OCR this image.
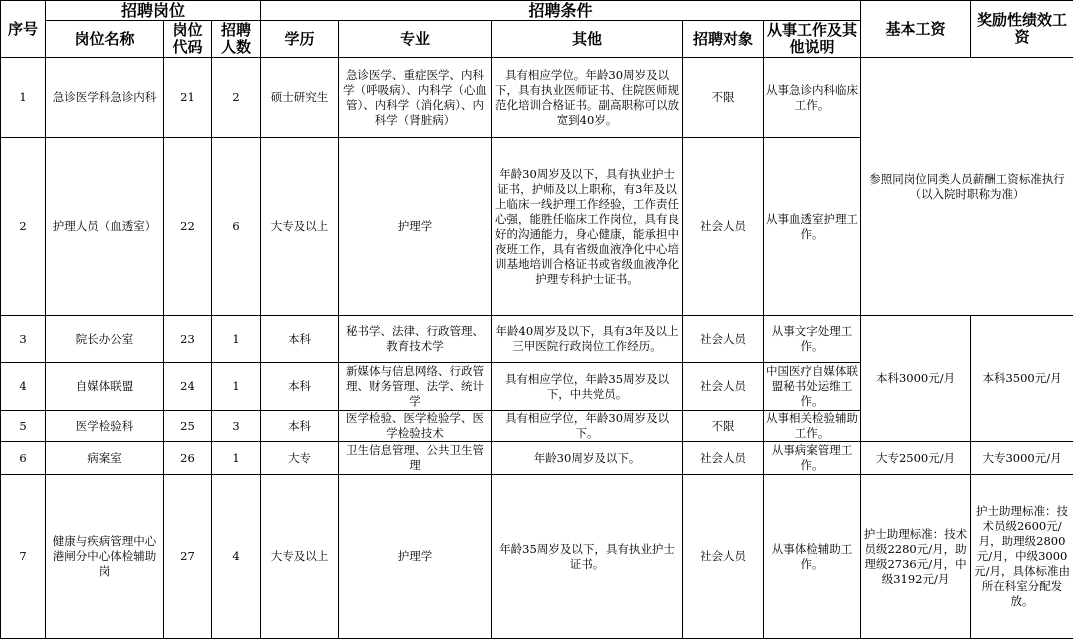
序号	招聘岗位			招聘条件					基本工资	奖励性绩效工资
	岗位名称	岗位代码	招聘人数	学历	专业	其他	招聘对象	从事工作及其他说明		
1	急诊医学科急诊内科	21	2	硕士研究生	急诊医学、重症医学、内科学（呼吸病）、内科学（心血管）、内科学（消化病）、内科学（肾脏病）	具有相应学位。年龄30周岁及以下，具有执业医师证书、住院医师规范化培训合格证书。副高职称可以放宽到40岁。	不限	从事急诊内科临床工作。	参照同岗位同类人员薪酬工资标准执行
（以入院时职称为准）	

2	护理人员（血透室）	22	6	大专及以上	护理学	年龄30周岁及以下，具有执业护士证书，护师及以上职称，有3年及以上临床一线护理工作经验，工作责任心强，能胜任临床工作岗位，具有良好的沟通能力，身心健康，能承担中夜班工作，具有省级血液净化中心培训基地培训合格证书或省级血液净化护理专科护士证书。	社会人员	从事血透室护理工作。		
3	院长办公室	23	1	本科	秘书学、法律、行政管理、教育技术学	年龄40周岁及以下，具有3年及以上三甲医院行政岗位工作经历。	社会人员	从事文字处理工作。	本科3000元/月	本科3500元/月
4	自媒体联盟	24	1	本科	新媒体与信息网络、行政管理、财务管理、法学、统计学	具有相应学位，年龄35周岁及以下，中共党员。	社会人员	中国医疗自媒体联盟秘书处运维工作。		
5	医学检验科	25	3	本科	医学检验、医学检验学、医学检验技术	具有相应学位，年龄30周岁及以下。	不限	从事相关检验辅助工作。		
6	病案室	26	1	大专	卫生信息管理、公共卫生管理	年龄30周岁及以下。	社会人员	从事病案管理工作。	大专2500元/月	大专3000元/月
7	健康与疾病管理中心港闸分中心体检辅助岗	27	4	大专及以上	护理学	年龄35周岁及以下，具有执业护士证书。	社会人员	从事体检辅助工作。	护士助理标准：技术员级2280元/月，助理级2736元/月，中级3192元/月	护士助理标准：技术员级2600元/月，助理级2800元/月，中级3000元/月，具体标准由所在科室分配发放。
